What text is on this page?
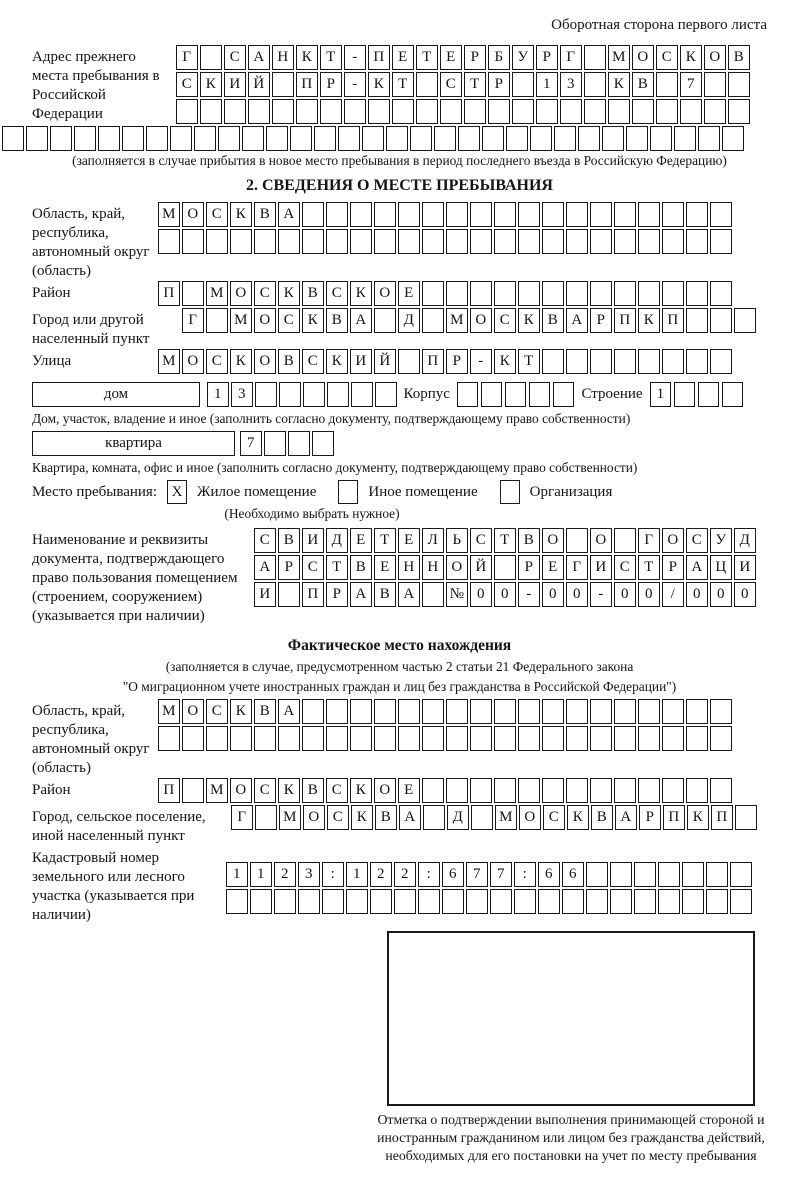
Оборотная сторона первого листа
Адрес прежнего места пребывания в Российской Федерации
Г	С А Н К Т	-	П Е Т Е	Р	Б У Р	Г	М О С К О В
С К И Й	П Р	-	К Т	С Т	Р	1	3	К В	7
(заполняется в случае прибытия в новое место пребывания в период последнего въезда в Российскую Федерацию)
2. СВЕДЕНИЯ О МЕСТЕ ПРЕБЫВАНИЯ
Область, край, республика, автономный округ (область)
М О С К В А
Район	П	М О С К В С К О Е
Город или другой населенный пункт
Г	М О С К В А	Д	М О С К В А Р П К П
Улица	М О С К О В С К И Й	П Р	-	К Т
дом	1	3	Корпус	Строение 1
Дом, участок, владение и иное (заполнить согласно документу, подтверждающему право собственности)
квартира	7
Квартира, комната, офис и иное (заполнить согласно документу, подтверждающему право собственности)
Место пребывания: X Жилое помещение	Иное помещение	Организация
(Необходимо выбрать нужное)
Наименование и реквизиты документа, подтверждающего право пользования помещением (строением, сооружением) (указывается при наличии)
С В И Д Е Т Е Л Ь С Т В О	О	Г О С У Д
А Р С Т В Е Н Н О Й	Р	Е	Г И С Т	Р А Ц И
И	П Р А В А	№ 0	0	-	0	0	-	0	0	/	0	0	0
Фактическое место нахождения
(заполняется в случае, предусмотренном частью 2 статьи 21 Федерального закона
"О миграционном учете иностранных граждан и лиц без гражданства в Российской Федерации")
Область, край, республика, автономный округ (область)
М О С К В А
Район	П	М О С К В С К О Е
Город, сельское поселение, иной населенный пункт
Г	М О С К В А	Д	М О С К В А Р П К П
Кадастровый номер земельного или лесного участка (указывается при наличии)
1	1	2	3	:	1	2	2	:	6	7	7	:	6	6
Отметка о подтверждении выполнения принимающей стороной и иностранным гражданином или лицом без гражданства действий, необходимых для его постановки на учет по месту пребывания
